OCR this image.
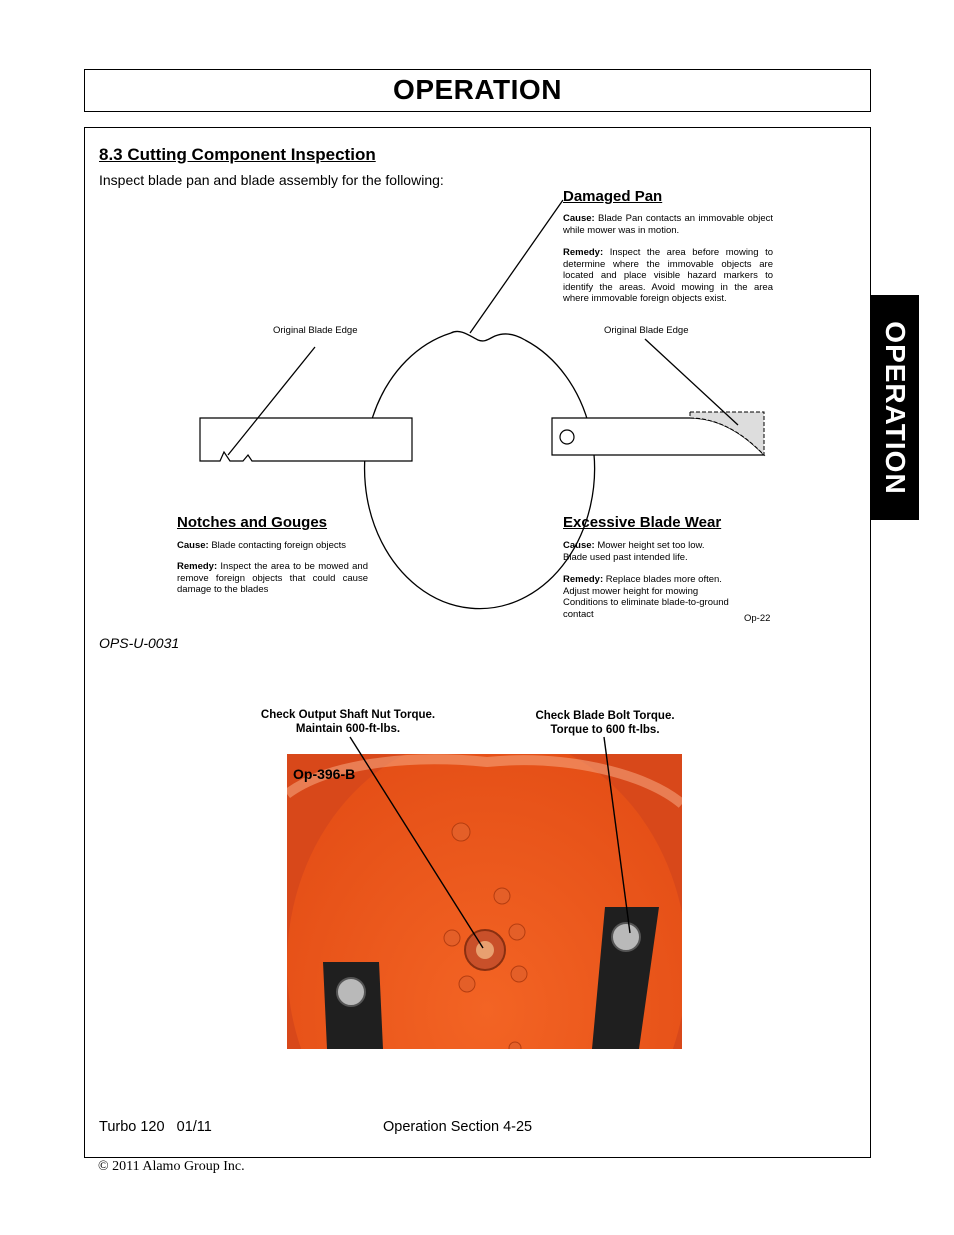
OPERATION
OPERATION
8.3 Cutting Component Inspection
Inspect blade pan and blade assembly for the following:
Damaged Pan
Cause: Blade Pan contacts an immovable object while mower was in motion.
Remedy: Inspect the area before mowing to determine where the immovable objects are located and place visible hazard markers to identify the areas. Avoid mowing in the area where immovable foreign objects exist.
Original Blade Edge	Original Blade Edge
Notches and Gouges
Cause: Blade contacting foreign objects
Remedy: Inspect the area to be mowed and remove foreign objects that could cause damage to the blades
Excessive Blade Wear
Cause: Mower height set too low. Blade used past intended life.
Remedy: Replace blades more often. Adjust mower height for mowing Conditions to eliminate blade-to-ground contact	Op-22
OPS-U-0031
Check Output Shaft Nut Torque.
Maintain 600-ft-lbs.
Check Blade Bolt Torque.
Torque to 600 ft-lbs.
Op-396-B
Turbo 120   01/11	Operation Section 4-25
© 2011 Alamo Group Inc.
